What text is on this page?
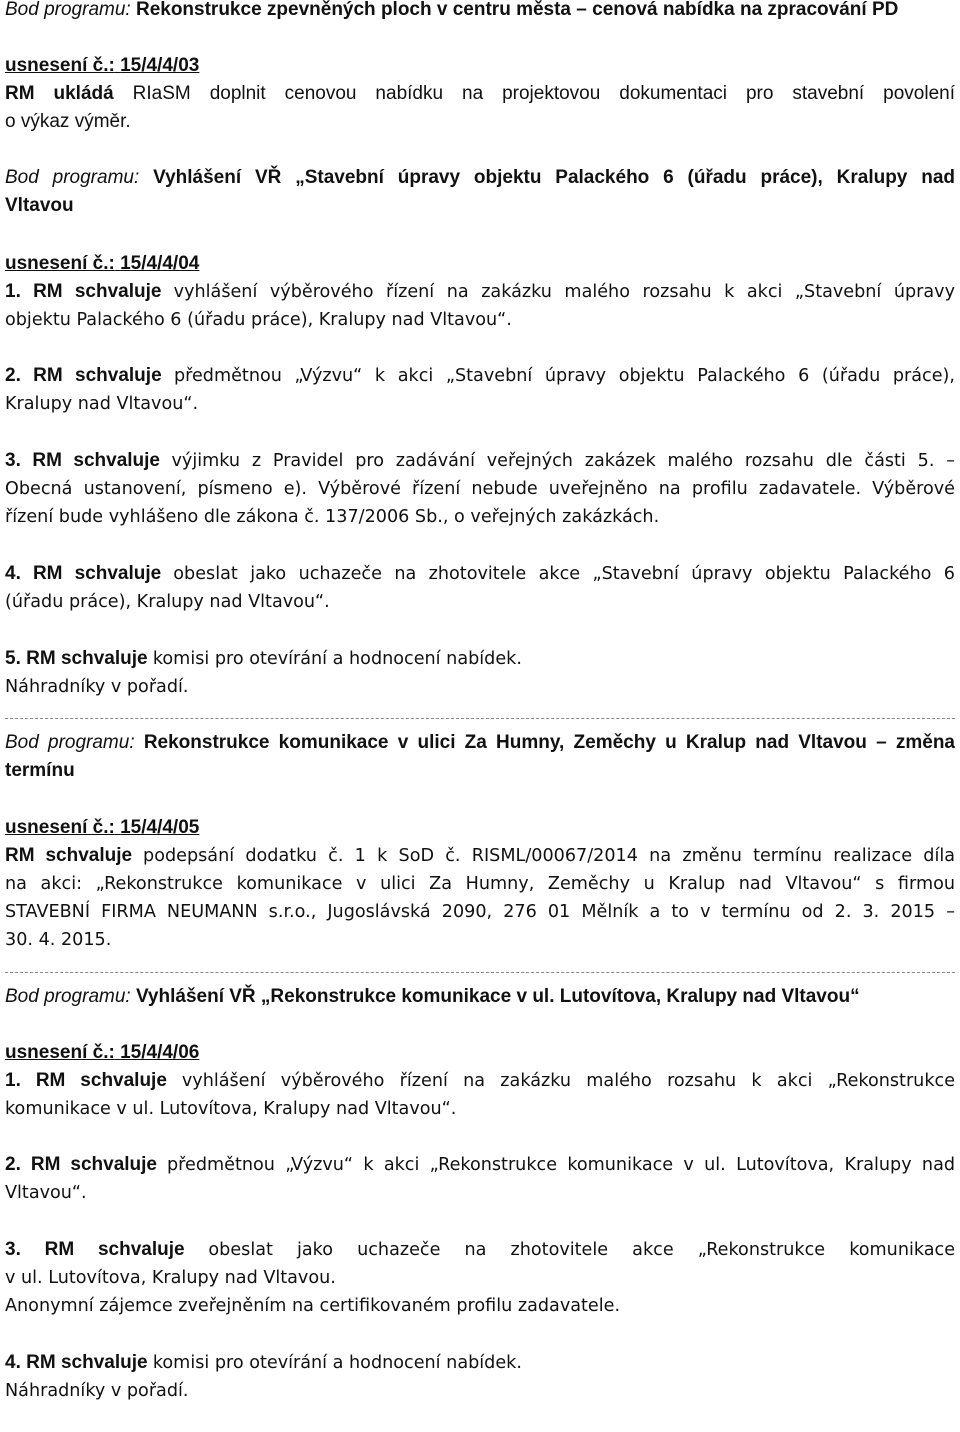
Bod programu: Rekonstrukce zpevněných ploch v centru města – cenová nabídka na zpracování PD
usnesení č.: 15/4/4/03
RM ukládá RIaSM doplnit cenovou nabídku na projektovou dokumentaci pro stavební povolení
o výkaz výměr.
Bod programu: Vyhlášení VŘ „Stavební úpravy objektu Palackého 6 (úřadu práce), Kralupy nad
Vltavou
usnesení č.: 15/4/4/04
1. RM schvaluje vyhlášení výběrového řízení na zakázku malého rozsahu k akci „Stavební úpravy
objektu Palackého 6 (úřadu práce), Kralupy nad Vltavou“.
2. RM schvaluje předmětnou „Výzvu“ k akci „Stavební úpravy objektu Palackého 6 (úřadu práce),
Kralupy nad Vltavou“.
3. RM schvaluje výjimku z Pravidel pro zadávání veřejných zakázek malého rozsahu dle části 5. –
Obecná ustanovení, písmeno e). Výběrové řízení nebude uveřejněno na profilu zadavatele. Výběrové
řízení bude vyhlášeno dle zákona č. 137/2006 Sb., o veřejných zakázkách.
4. RM schvaluje obeslat jako uchazeče na zhotovitele akce „Stavební úpravy objektu Palackého 6
(úřadu práce), Kralupy nad Vltavou“.
5. RM schvaluje komisi pro otevírání a hodnocení nabídek.
Náhradníky v pořadí.
Bod programu: Rekonstrukce komunikace v ulici Za Humny, Zeměchy u Kralup nad Vltavou – změna
termínu
usnesení č.: 15/4/4/05
RM schvaluje podepsání dodatku č. 1 k SoD č. RISML/00067/2014 na změnu termínu realizace díla
na akci: „Rekonstrukce komunikace v ulici Za Humny, Zeměchy u Kralup nad Vltavou“ s firmou
STAVEBNÍ FIRMA NEUMANN s.r.o., Jugoslávská 2090, 276 01 Mělník a to v termínu od 2. 3. 2015 –
30. 4. 2015.
Bod programu: Vyhlášení VŘ „Rekonstrukce komunikace v ul. Lutovítova, Kralupy nad Vltavou“
usnesení č.: 15/4/4/06
1. RM schvaluje vyhlášení výběrového řízení na zakázku malého rozsahu k akci „Rekonstrukce
komunikace v ul. Lutovítova, Kralupy nad Vltavou“.
2. RM schvaluje předmětnou „Výzvu“ k akci „Rekonstrukce komunikace v ul. Lutovítova, Kralupy nad
Vltavou“.
3. RM schvaluje obeslat jako uchazeče na zhotovitele akce „Rekonstrukce komunikace
v ul. Lutovítova, Kralupy nad Vltavou.
Anonymní zájemce zveřejněním na certifikovaném profilu zadavatele.
4. RM schvaluje komisi pro otevírání a hodnocení nabídek.
Náhradníky v pořadí.
